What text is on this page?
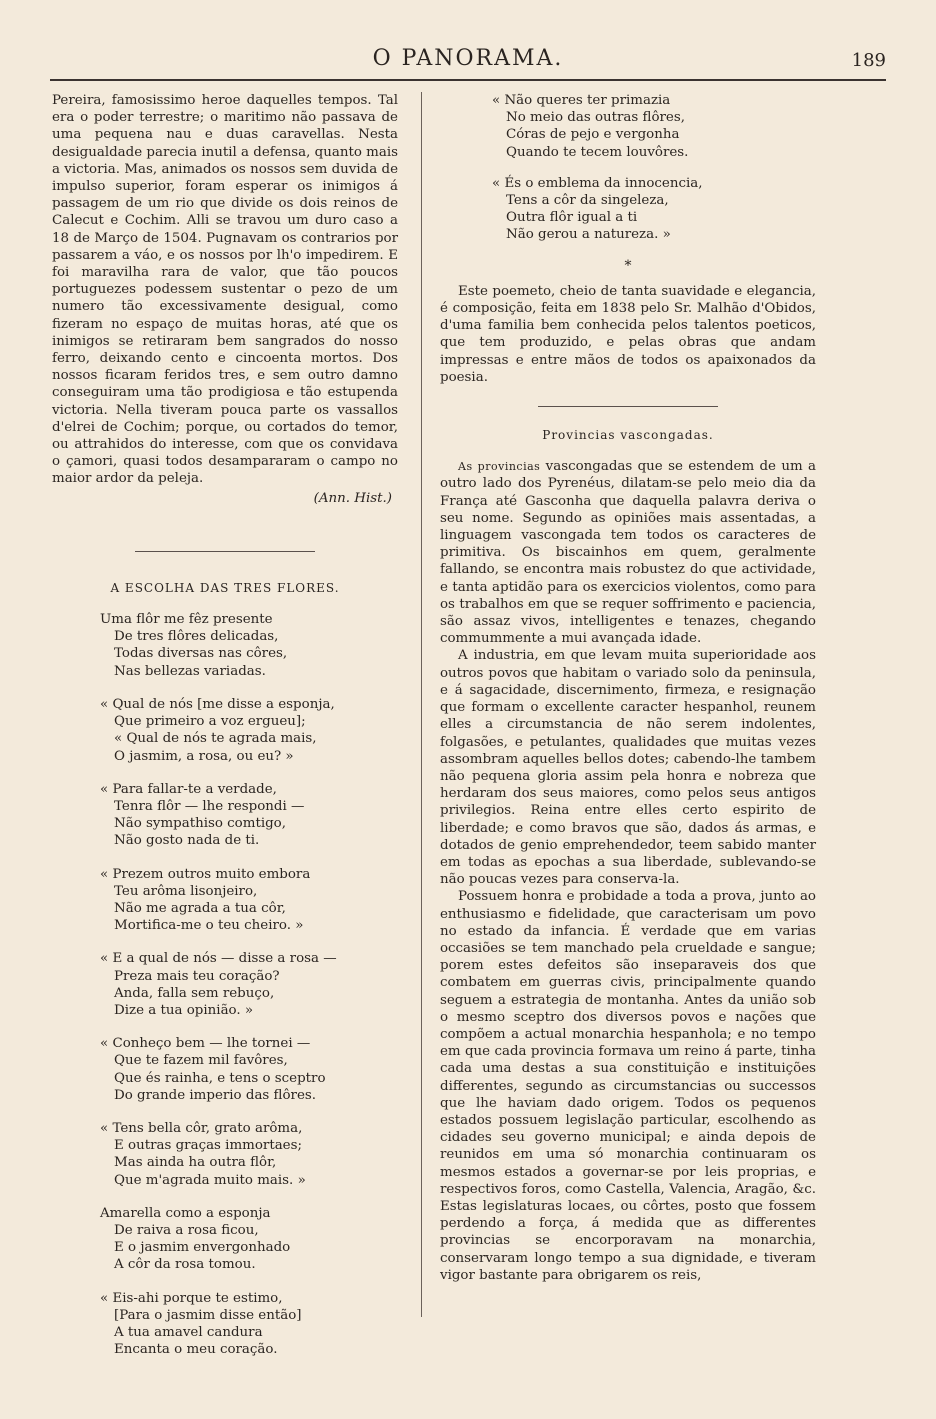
O PANORAMA.	189

Pereira, famosissimo heroe daquelles tempos. Tal era o poder terrestre; o maritimo não passava de uma pequena nau e duas caravellas. Nesta desigualdade parecia inutil a defensa, quanto mais a victoria. Mas, animados os nossos sem duvida de impulso superior, foram esperar os inimigos á passagem de um rio que divide os dois reinos de Calecut e Cochim. Alli se travou um duro caso a 18 de Março de 1504. Pugnavam os contrarios por passarem a váo, e os nossos por lh'o impedirem. E foi maravilha rara de valor, que tão poucos portuguezes podessem sustentar o pezo de um numero tão excessivamente desigual, como fizeram no espaço de muitas horas, até que os inimigos se retiraram bem sangrados do nosso ferro, deixando cento e cincoenta mortos. Dos nossos ficaram feridos tres, e sem outro damno conseguiram uma tão prodigiosa e tão estupenda victoria. Nella tiveram pouca parte os vassallos d'elrei de Cochim; porque, ou cortados do temor, ou attrahidos do interesse, com que os convidava o çamori, quasi todos desampararam o campo no maior ardor da peleja.

(Ann. Hist.)
A ESCOLHA DAS TRES FLORES.
Uma flôr me fêz presente
De tres flôres delicadas,
Todas diversas nas côres,
Nas bellezas variadas.
« Qual de nós [me disse a esponja,
Que primeiro a voz ergueu];
« Qual de nós te agrada mais,
O jasmim, a rosa, ou eu? »
« Para fallar-te a verdade,
Tenra flôr — lhe respondi —
Não sympathiso comtigo,
Não gosto nada de ti.
« Prezem outros muito embora
Teu arôma lisonjeiro,
Não me agrada a tua côr,
Mortifica-me o teu cheiro. »
« E a qual de nós — disse a rosa —
Preza mais teu coração?
Anda, falla sem rebuço,
Dize a tua opinião. »
« Conheço bem — lhe tornei —
Que te fazem mil favôres,
Que és rainha, e tens o sceptro
Do grande imperio das flôres.
« Tens bella côr, grato arôma,
E outras graças immortaes;
Mas ainda ha outra flôr,
Que m'agrada muito mais. »
Amarella como a esponja
De raiva a rosa ficou,
E o jasmim envergonhado
A côr da rosa tomou.
« Eis-ahi porque te estimo,
[Para o jasmim disse então]
A tua amavel candura
Encanta o meu coração.
« Não queres ter primazia
No meio das outras flôres,
Córas de pejo e vergonha
Quando te tecem louvôres.
« És o emblema da innocencia,
Tens a côr da singeleza,
Outra flôr igual a ti
Não gerou a natureza. »
*

Este poemeto, cheio de tanta suavidade e elegancia, é composição, feita em 1838 pelo Sr. Malhão d'Obidos, d'uma familia bem conhecida pelos talentos poeticos, que tem produzido, e pelas obras que andam impressas e entre mãos de todos os apaixonados da poesia.

Provincias vascongadas.

As provincias vascongadas que se estendem de um a outro lado dos Pyrenéus, dilatam-se pelo meio dia da França até Gasconha que daquella palavra deriva o seu nome. Segundo as opiniões mais assentadas, a linguagem vascongada tem todos os caracteres de primitiva. Os biscainhos em quem, geralmente fallando, se encontra mais robustez do que actividade, e tanta aptidão para os exercicios violentos, como para os trabalhos em que se requer soffrimento e paciencia, são assaz vivos, intelligentes e tenazes, chegando commummente a mui avançada idade.

A industria, em que levam muita superioridade aos outros povos que habitam o variado solo da peninsula, e á sagacidade, discernimento, firmeza, e resignação que formam o excellente caracter hespanhol, reunem elles a circumstancia de não serem indolentes, folgasões, e petulantes, qualidades que muitas vezes assombram aquelles bellos dotes; cabendo-lhe tambem não pequena gloria assim pela honra e nobreza que herdaram dos seus maiores, como pelos seus antigos privilegios. Reina entre elles certo espirito de liberdade; e como bravos que são, dados ás armas, e dotados de genio emprehendedor, teem sabido manter em todas as epochas a sua liberdade, sublevando-se não poucas vezes para conserva-la.

Possuem honra e probidade a toda a prova, junto ao enthusiasmo e fidelidade, que caracterisam um povo no estado da infancia. É verdade que em varias occasiões se tem manchado pela crueldade e sangue; porem estes defeitos são inseparaveis dos que combatem em guerras civis, principalmente quando seguem a estrategia de montanha. Antes da união sob o mesmo sceptro dos diversos povos e nações que compõem a actual monarchia hespanhola; e no tempo em que cada provincia formava um reino á parte, tinha cada uma destas a sua constituição e instituições differentes, segundo as circumstancias ou successos que lhe haviam dado origem. Todos os pequenos estados possuem legislação particular, escolhendo as cidades seu governo municipal; e ainda depois de reunidos em uma só monarchia continuaram os mesmos estados a governar-se por leis proprias, e respectivos foros, como Castella, Valencia, Aragão, &c. Estas legislaturas locaes, ou côrtes, posto que fossem perdendo a força, á medida que as differentes provincias se encorporavam na monarchia, conservaram longo tempo a sua dignidade, e tiveram vigor bastante para obrigarem os reis,
